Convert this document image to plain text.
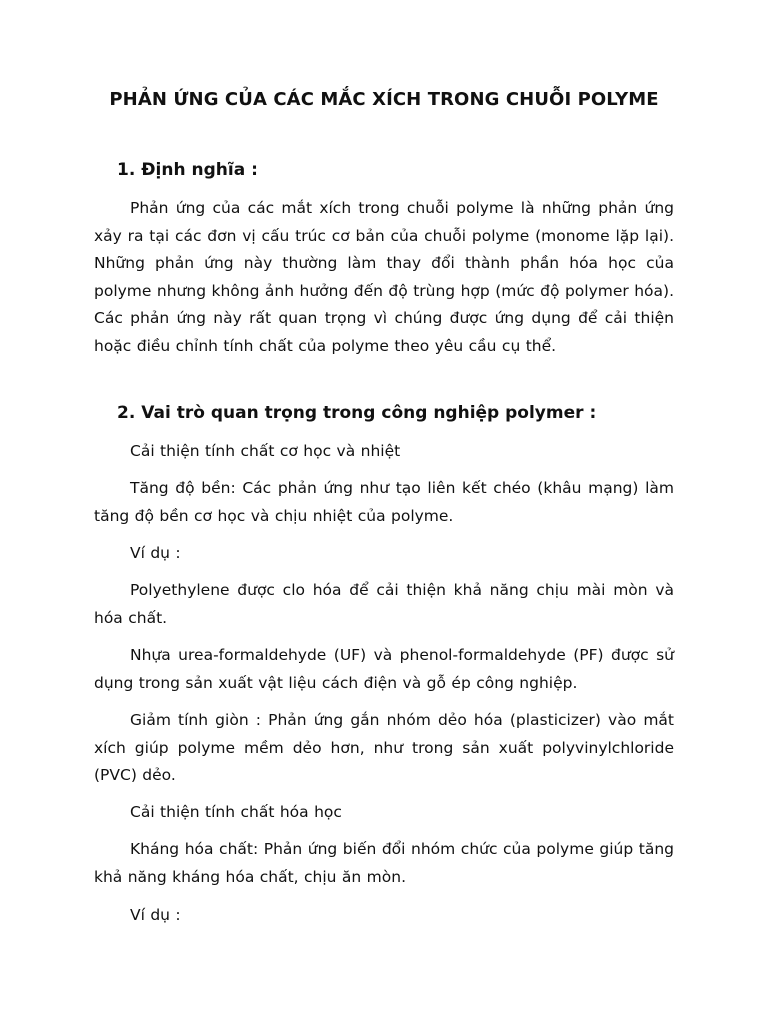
PHẢN ỨNG CỦA CÁC MẮC XÍCH TRONG CHUỖI POLYME
1. Định nghĩa :

Phản ứng của các mắt xích trong chuỗi polyme là những phản ứng xảy ra tại các đơn vị cấu trúc cơ bản của chuỗi polyme (monome lặp lại). Những phản ứng này thường làm thay đổi thành phần hóa học của polyme nhưng không ảnh hưởng đến độ trùng hợp (mức độ polymer hóa). Các phản ứng này rất quan trọng vì chúng được ứng dụng để cải thiện hoặc điều chỉnh tính chất của polyme theo yêu cầu cụ thể.

2. Vai trò quan trọng trong công nghiệp polymer :

Cải thiện tính chất cơ học và nhiệt

Tăng độ bền: Các phản ứng như tạo liên kết chéo (khâu mạng) làm tăng độ bền cơ học và chịu nhiệt của polyme.

Ví dụ :

Polyethylene được clo hóa để cải thiện khả năng chịu mài mòn và hóa chất.

Nhựa urea-formaldehyde (UF) và phenol-formaldehyde (PF) được sử dụng trong sản xuất vật liệu cách điện và gỗ ép công nghiệp.

Giảm tính giòn : Phản ứng gắn nhóm dẻo hóa (plasticizer) vào mắt xích giúp polyme mềm dẻo hơn, như trong sản xuất polyvinylchloride (PVC) dẻo.

Cải thiện tính chất hóa học

Kháng hóa chất: Phản ứng biến đổi nhóm chức của polyme giúp tăng khả năng kháng hóa chất, chịu ăn mòn.

Ví dụ :
